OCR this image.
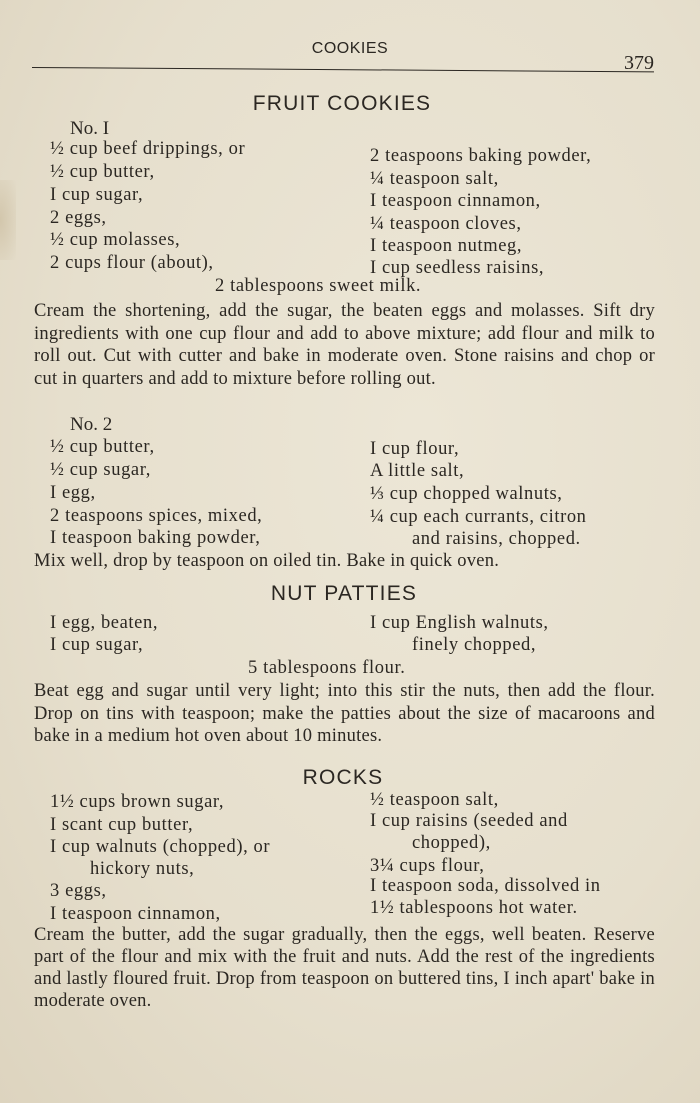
COOKIES
379
FRUIT COOKIES
No. I
½ cup beef drippings, or
½ cup butter,
I cup sugar,
2 eggs,
½ cup molasses,
2 cups flour (about),
2 teaspoons baking powder,
¼ teaspoon salt,
I teaspoon cinnamon,
¼ teaspoon cloves,
I teaspoon nutmeg,
I cup seedless raisins,
2 tablespoons sweet milk.
Cream the shortening, add the sugar, the beaten eggs and molasses. Sift dry ingredients with one cup flour and add to above mixture; add flour and milk to roll out. Cut with cutter and bake in moderate oven. Stone raisins and chop or cut in quarters and add to mixture before rolling out.
No. 2
½ cup butter,
½ cup sugar,
I egg,
2 teaspoons spices, mixed,
I teaspoon baking powder,
I cup flour,
A little salt,
⅓ cup chopped walnuts,
¼ cup each currants, citron
and raisins, chopped.
Mix well, drop by teaspoon on oiled tin. Bake in quick oven.
NUT PATTIES
I egg, beaten,
I cup sugar,
I cup English walnuts,
finely chopped,
5 tablespoons flour.
Beat egg and sugar until very light; into this stir the nuts, then add the flour. Drop on tins with teaspoon; make the patties about the size of macaroons and bake in a medium hot oven about 10 minutes.
ROCKS
1½ cups brown sugar,
I scant cup butter,
I cup walnuts (chopped), or
hickory nuts,
3 eggs,
I teaspoon cinnamon,
½ teaspoon salt,
I cup raisins (seeded and
chopped),
3¼ cups flour,
I teaspoon soda, dissolved in
1½ tablespoons hot water.
Cream the butter, add the sugar gradually, then the eggs, well beaten. Reserve part of the flour and mix with the fruit and nuts. Add the rest of the ingredients and lastly floured fruit. Drop from teaspoon on buttered tins, I inch apart' bake in moderate oven.
